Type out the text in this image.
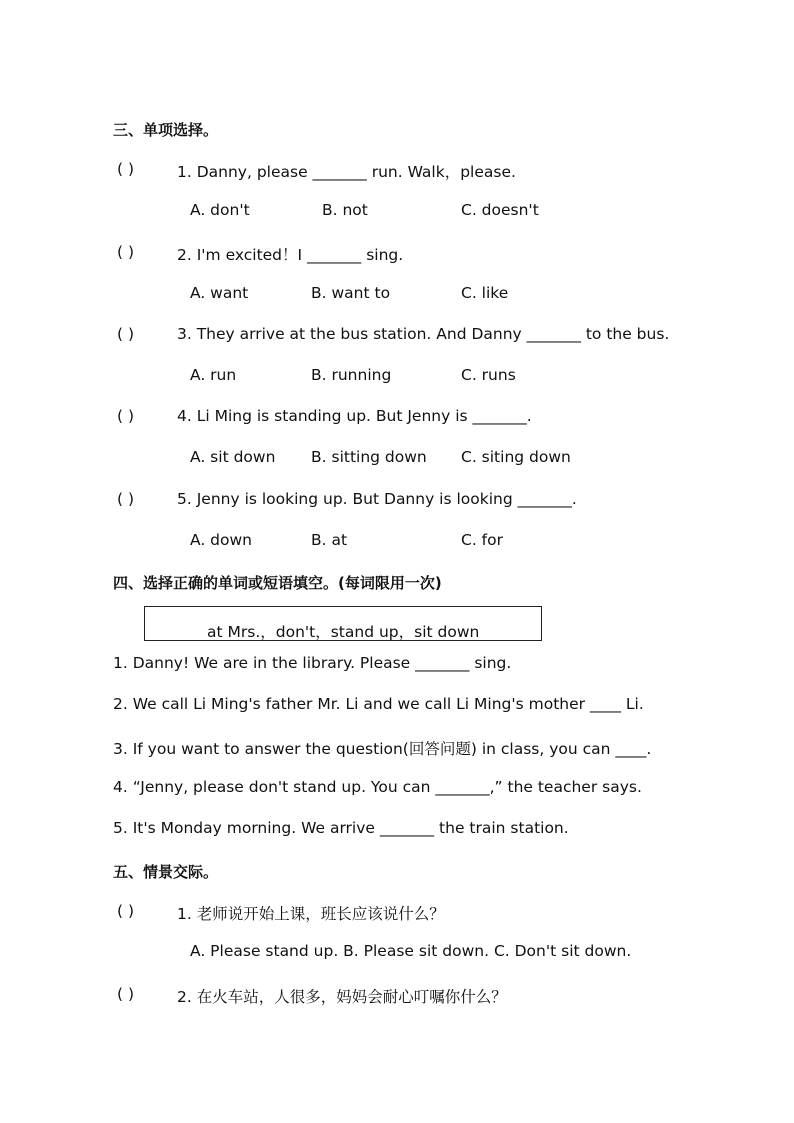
三、单项选择。
( )	1. Danny, please _______ run. Walk，please.
A. don't	B. not	C. doesn't
( )	2. I'm excited！I _______ sing.
A. want	B. want to	C. like
( )	3. They arrive at the bus station. And Danny _______ to the bus.
A. run	B. running	C. runs
( )	4. Li Ming is standing up. But Jenny is _______.
A. sit down B. sitting down C. siting down
( )	5. Jenny is looking up. But Danny is looking _______.
A. down	B. at	C. for
四、选择正确的单词或短语填空。(每词限用一次)
at Mrs.，don't，stand up，sit down
1. Danny! We are in the library. Please _______ sing.
2. We call Li Ming's father Mr. Li and we call Li Ming's mother ____ Li.
3. If you want to answer the question(回答问题) in class, you can ____.
4. “Jenny, please don't stand up. You can _______,” the teacher says.
5. It's Monday morning. We arrive _______ the train station.
五、情景交际。
( )	1. 老师说开始上课，班长应该说什么？
A. Please stand up. B. Please sit down. C. Don't sit down.
( )	2. 在火车站，人很多，妈妈会耐心叮嘱你什么？
